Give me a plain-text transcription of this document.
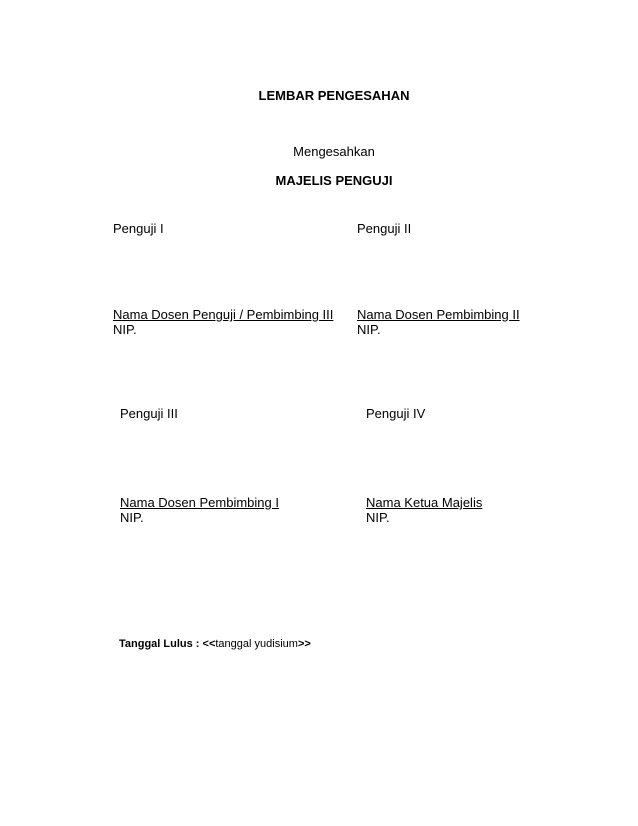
LEMBAR PENGESAHAN
Mengesahkan
MAJELIS PENGUJI
Penguji I
Nama Dosen Penguji / Pembimbing III
NIP.
Penguji II
Nama Dosen Pembimbing II
NIP.
Penguji III
Nama Dosen Pembimbing I
NIP.
Penguji IV
Nama Ketua Majelis
NIP.
Tanggal Lulus : <<tanggal yudisium>>
